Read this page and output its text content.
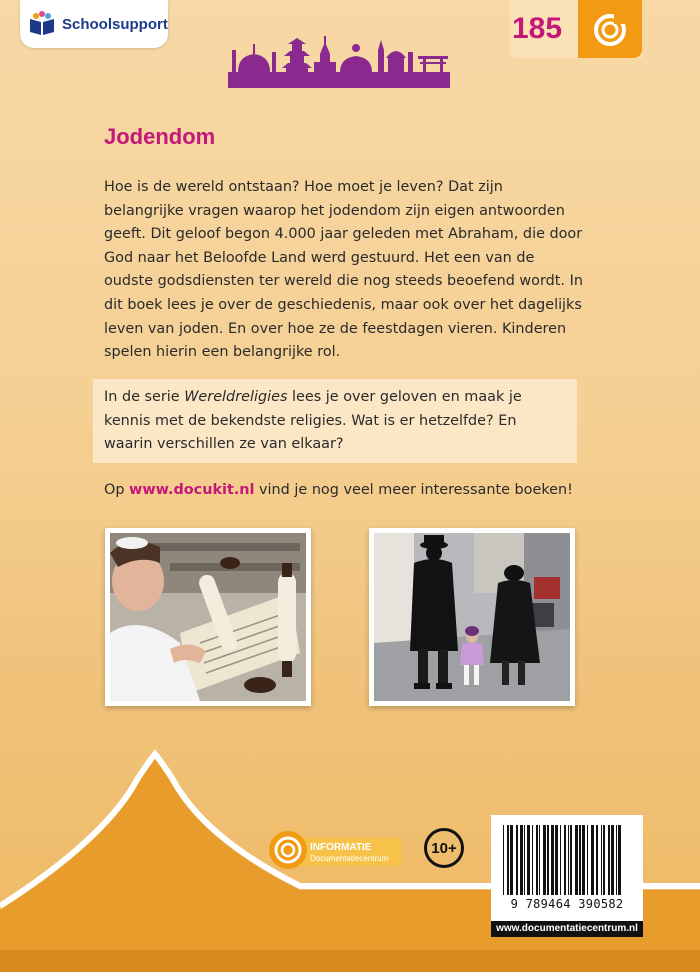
Schoolsupport	185
Jodendom

Hoe is de wereld ontstaan? Hoe moet je leven? Dat zijn belangrijke vragen waarop het jodendom zijn eigen antwoorden geeft. Dit geloof begon 4.000 jaar geleden met Abraham, die door God naar het Beloofde Land werd gestuurd. Het een van de oudste godsdiensten ter wereld die nog steeds beoefend wordt. In dit boek lees je over de geschiedenis, maar ook over het dagelijks leven van joden. En over hoe ze de feestdagen vieren. Kinderen spelen hierin een belangrijke rol.

In de serie Wereldreligies lees je over geloven en maak je kennis met de bekendste religies. Wat is er hetzelfde? En waarin verschillen ze van elkaar?

Op www.docukit.nl vind je nog veel meer interessante boeken!

INFORMATIE
Documentatiecentrum
10+
9 789464 390582
www.documentatiecentrum.nl
